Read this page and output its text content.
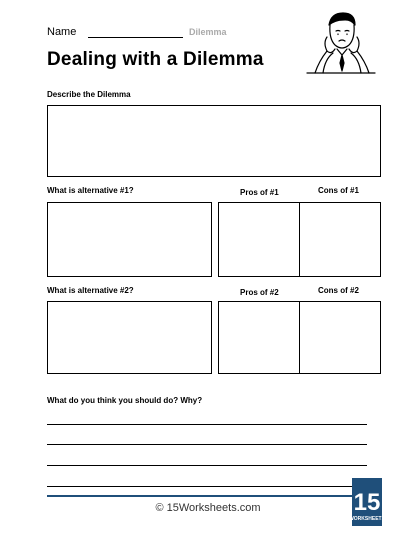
Name	Dilemma
Dealing with a Dilemma
Describe the Dilemma
What is alternative #1?	Pros of #1	Cons of #1
What is alternative #2?	Pros of #2	Cons of #2
What do you think you should do? Why?
© 15Worksheets.com	15
WORKSHEETS
